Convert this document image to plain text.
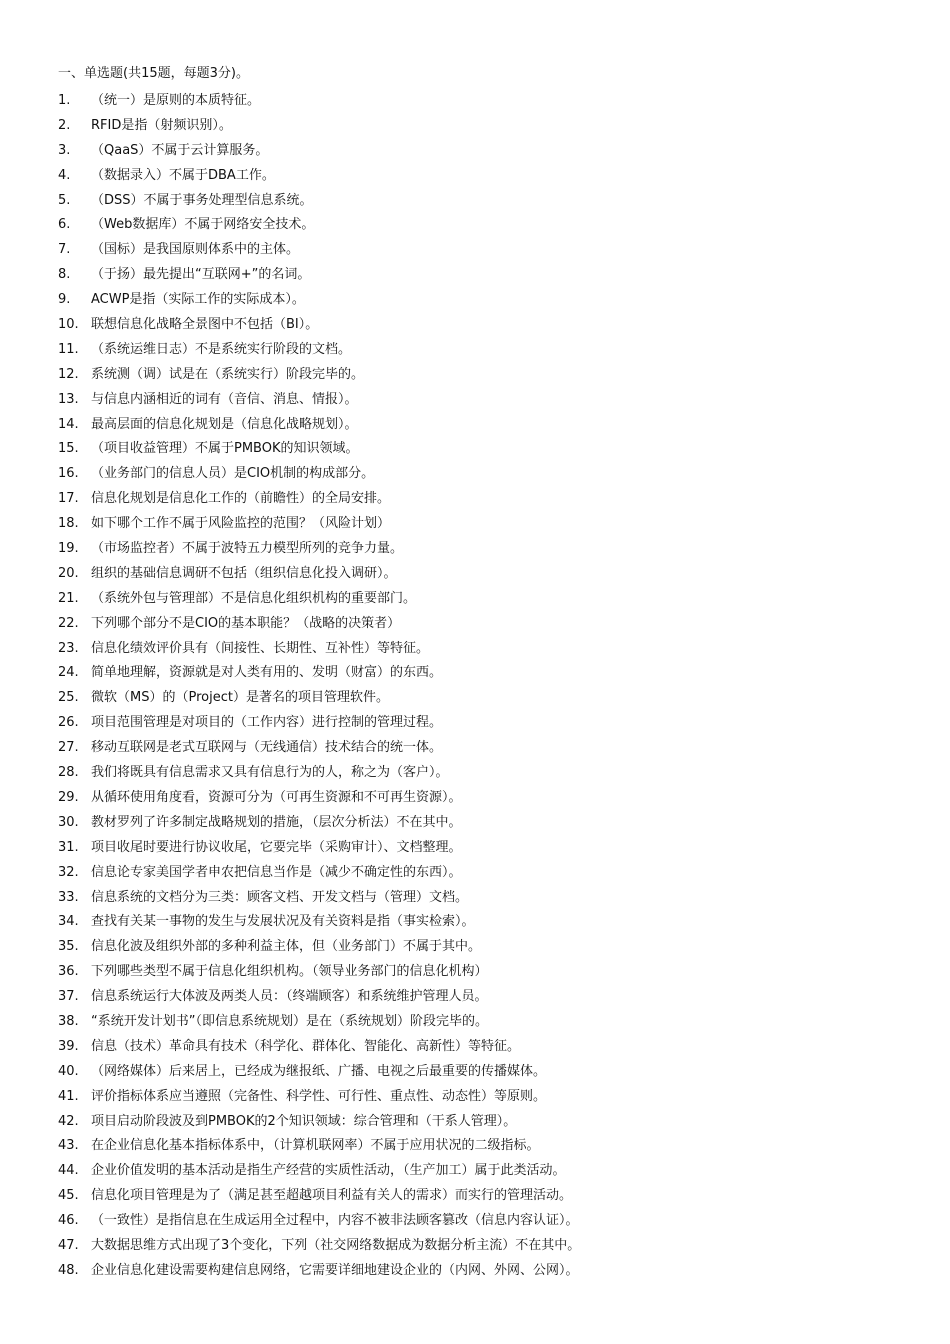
一、单选题(共15题，每题3分)。
1.	（统一）是原则的本质特征。
2.	RFID是指（射频识别）。
3.	（QaaS）不属于云计算服务。
4.	（数据录入）不属于DBA工作。
5.	（DSS）不属于事务处理型信息系统。
6.	（Web数据库）不属于网络安全技术。
7.	（国标）是我国原则体系中的主体。
8.	（于扬）最先提出“互联网+”的名词。
9.	ACWP是指（实际工作的实际成本）。
10. 联想信息化战略全景图中不包括（BI）。
11. （系统运维日志）不是系统实行阶段的文档。
12. 系统测（调）试是在（系统实行）阶段完毕的。
13. 与信息内涵相近的词有（音信、消息、情报）。
14. 最高层面的信息化规划是（信息化战略规划）。
15. （项目收益管理）不属于PMBOK的知识领域。
16. （业务部门的信息人员）是CIO机制的构成部分。
17. 信息化规划是信息化工作的（前瞻性）的全局安排。
18. 如下哪个工作不属于风险监控的范围？（风险计划）
19. （市场监控者）不属于波特五力模型所列的竞争力量。
20. 组织的基础信息调研不包括（组织信息化投入调研）。
21. （系统外包与管理部）不是信息化组织机构的重要部门。
22. 下列哪个部分不是CIO的基本职能？（战略的决策者）
23. 信息化绩效评价具有（间接性、长期性、互补性）等特征。
24. 简单地理解，资源就是对人类有用的、发明（财富）的东西。
25. 微软（MS）的（Project）是著名的项目管理软件。
26. 项目范围管理是对项目的（工作内容）进行控制的管理过程。
27. 移动互联网是老式互联网与（无线通信）技术结合的统一体。
28. 我们将既具有信息需求又具有信息行为的人，称之为（客户）。
29. 从循环使用角度看，资源可分为（可再生资源和不可再生资源）。
30. 教材罗列了许多制定战略规划的措施，（层次分析法）不在其中。
31. 项目收尾时要进行协议收尾，它要完毕（采购审计）、文档整理。
32. 信息论专家美国学者申农把信息当作是（减少不确定性的东西）。
33. 信息系统的文档分为三类：顾客文档、开发文档与（管理）文档。
34. 查找有关某一事物的发生与发展状况及有关资料是指（事实检索）。
35. 信息化波及组织外部的多种利益主体，但（业务部门）不属于其中。
36. 下列哪些类型不属于信息化组织机构。（领导业务部门的信息化机构）
37. 信息系统运行大体波及两类人员：（终端顾客）和系统维护管理人员。
38. “系统开发计划书”（即信息系统规划）是在（系统规划）阶段完毕的。
39. 信息（技术）革命具有技术（科学化、群体化、智能化、高新性）等特征。
40. （网络媒体）后来居上，已经成为继报纸、广播、电视之后最重要的传播媒体。
41. 评价指标体系应当遵照（完备性、科学性、可行性、重点性、动态性）等原则。
42. 项目启动阶段波及到PMBOK的2个知识领域：综合管理和（干系人管理）。
43. 在企业信息化基本指标体系中，（计算机联网率）不属于应用状况的二级指标。
44. 企业价值发明的基本活动是指生产经营的实质性活动，（生产加工）属于此类活动。
45. 信息化项目管理是为了（满足甚至超越项目利益有关人的需求）而实行的管理活动。
46. （一致性）是指信息在生成运用全过程中，内容不被非法顾客篡改（信息内容认证）。
47. 大数据思维方式出现了3个变化，下列（社交网络数据成为数据分析主流）不在其中。
48. 企业信息化建设需要构建信息网络，它需要详细地建设企业的（内网、外网、公网）。
